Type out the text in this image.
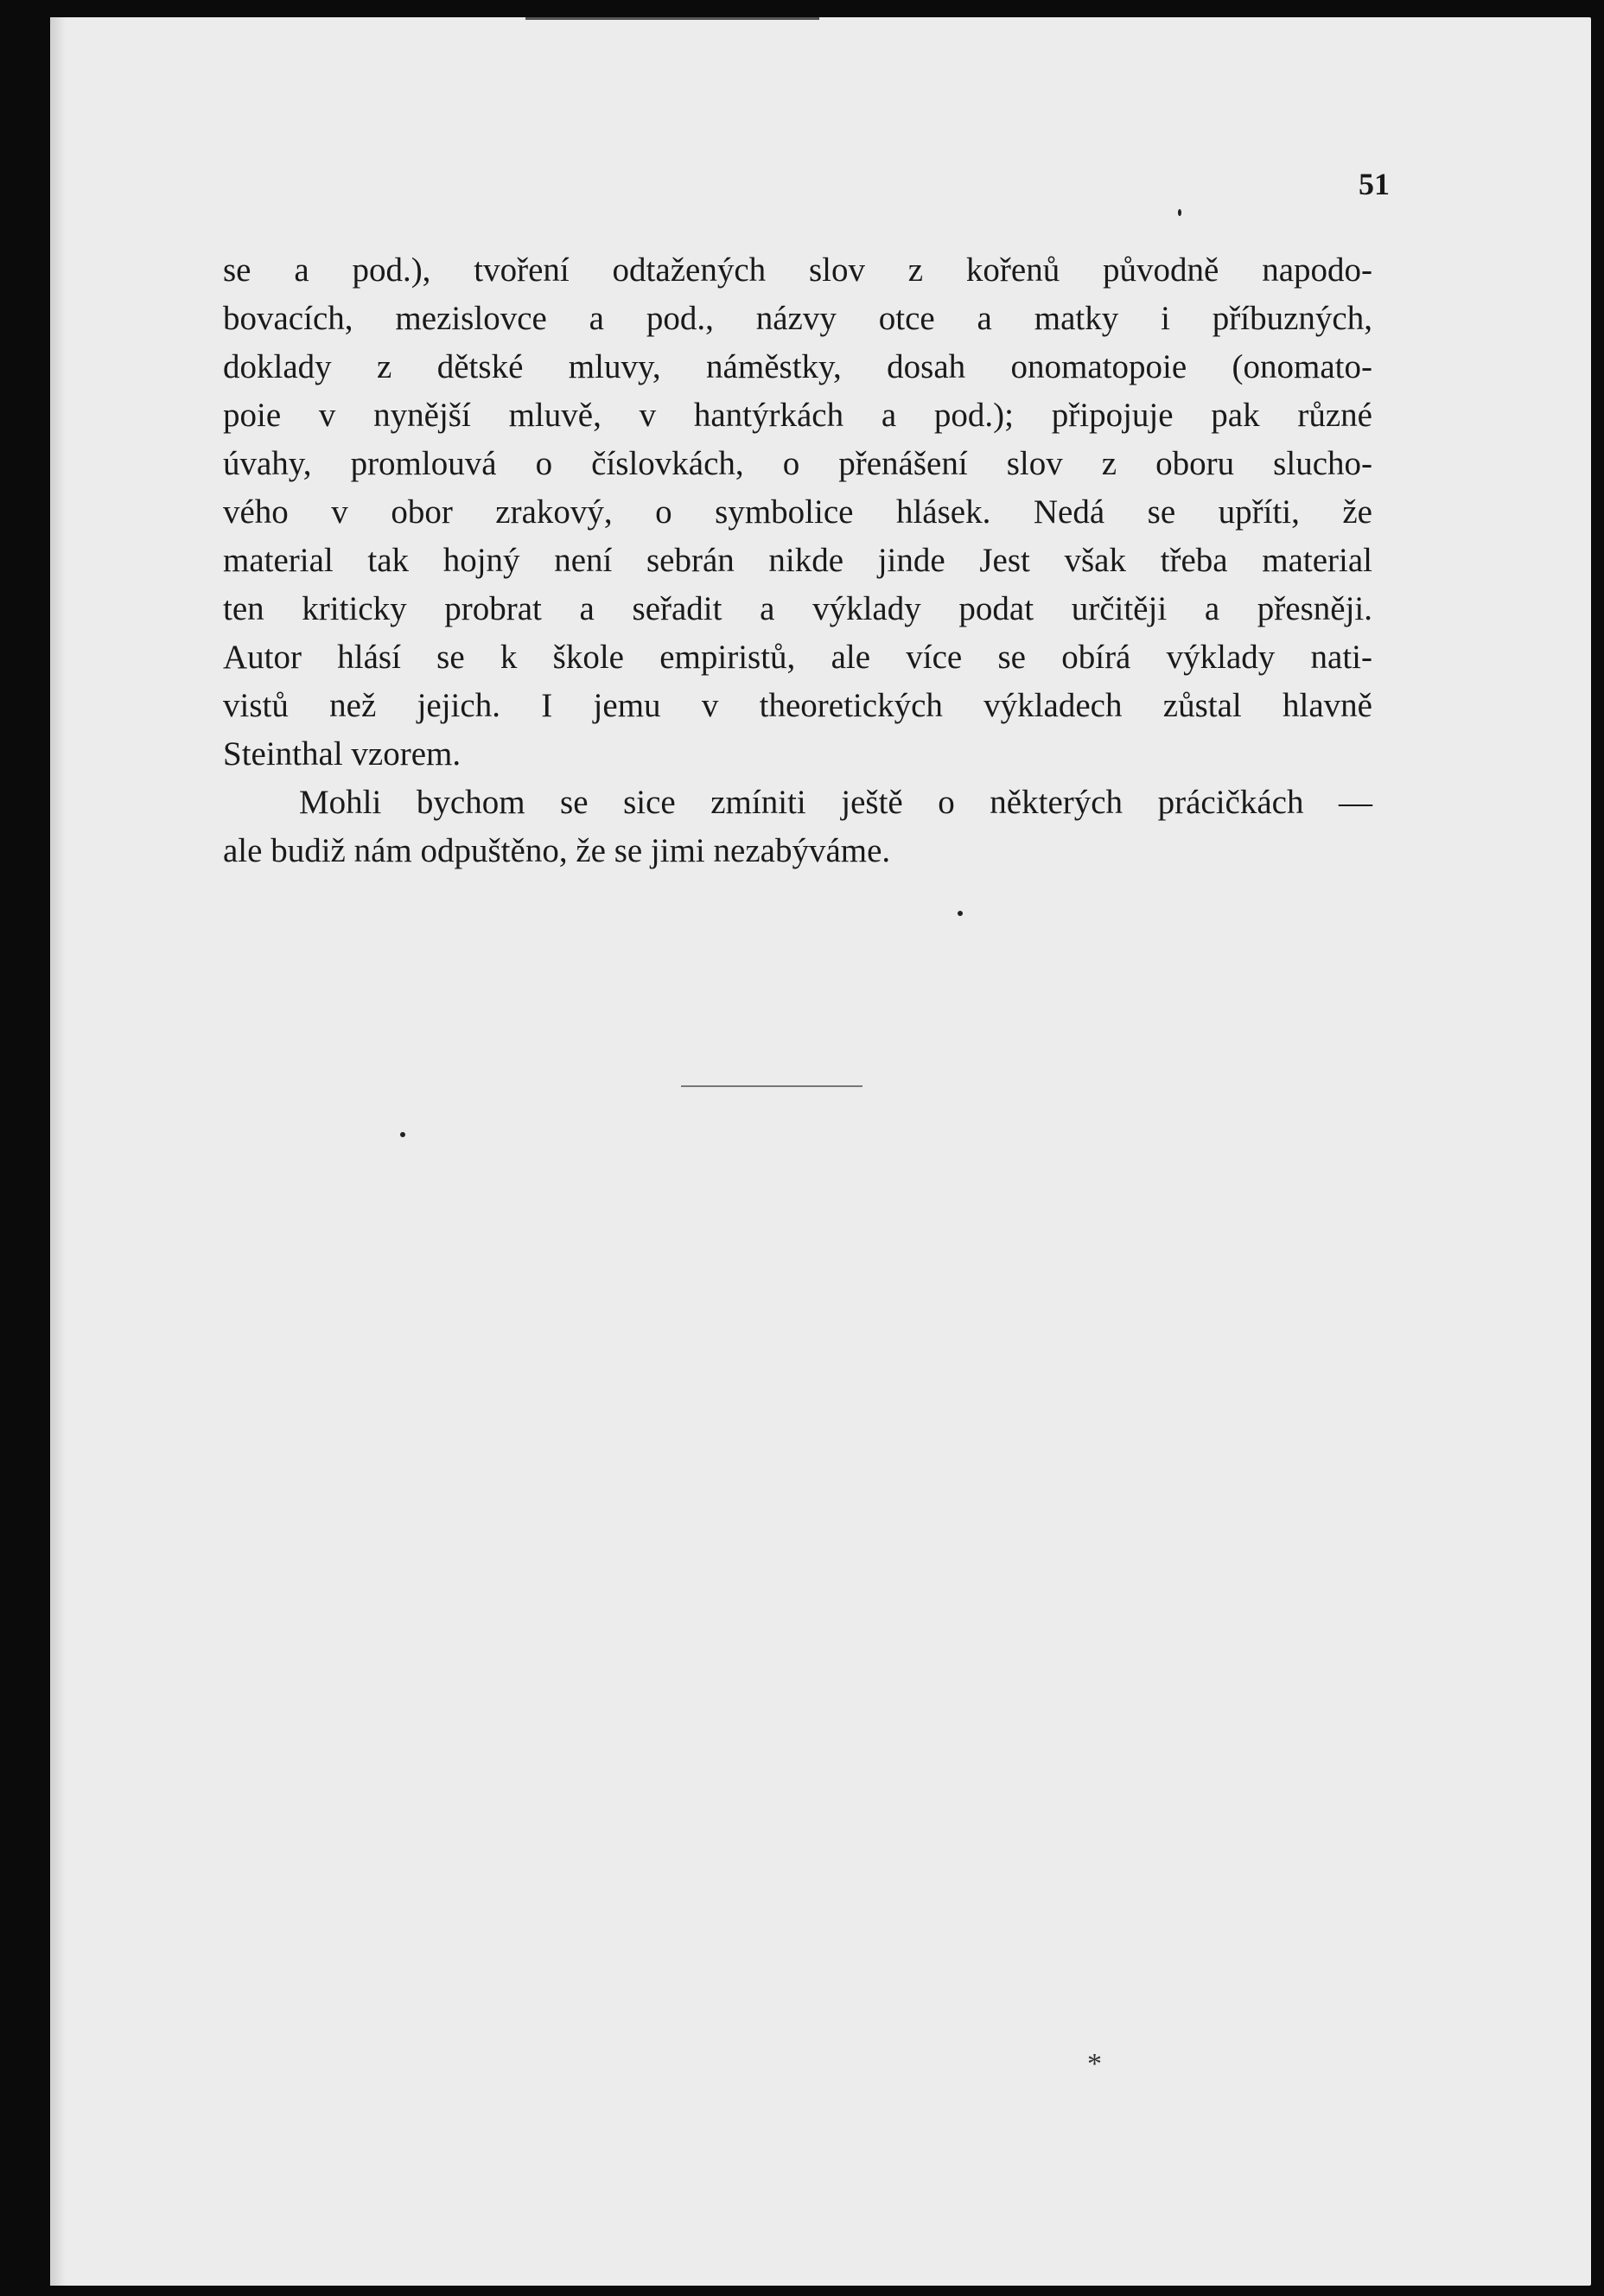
51

se a pod.), tvoření odtažených slov z kořenů původně napodo-
bovacích, mezislovce a pod., názvy otce a matky i příbuzných,
doklady z dětské mluvy, náměstky, dosah onomatopoie (onomato-
poie v nynější mluvě, v hantýrkách a pod.); připojuje pak různé
úvahy, promlouvá o číslovkách, o přenášení slov z oboru slucho-
vého v obor zrakový, o symbolice hlásek. Nedá se upříti, že
material tak hojný není sebrán nikde jinde Jest však třeba material
ten kriticky probrat a seřadit a výklady podat určitěji a přesněji.
Autor hlásí se k škole empiristů, ale více se obírá výklady nati-
vistů než jejich. I jemu v theoretických výkladech zůstal hlavně
Steinthal vzorem.

Mohli bychom se sice zmíniti ještě o některých prácičkách —
ale budiž nám odpuštěno, že se jimi nezabýváme.

*
